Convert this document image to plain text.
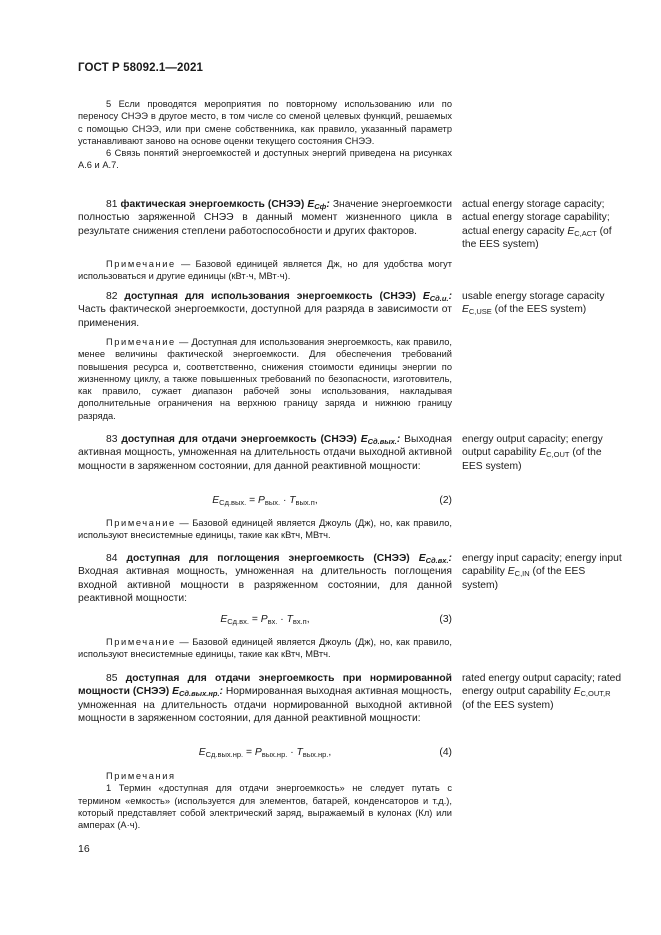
ГОСТ Р 58092.1—2021

5 Если проводятся мероприятия по повторному использованию или по переносу СНЭЭ в другое место, в том числе со сменой целевых функций, решаемых с помощью СНЭЭ, или при смене собственника, как правило, указанный параметр устанавливают заново на основе оценки текущего состояния СНЭЭ.

6 Связь понятий энергоемкостей и доступных энергий приведена на рисунках А.6 и А.7.

81 фактическая энергоемкость (СНЭЭ) $E_{Сф}$: Значение энергоемкости полностью заряженной СНЭЭ в данный момент жизненного цикла в результате снижения степлени работоспособности и других факторов.

Примечание — Базовой единицей является Дж, но для удобства могут использоваться и другие единицы (кВт·ч, МВт·ч).

actual energy storage capacity; actual energy storage capability; actual energy capacity $E_{C,ACT}$ (of the EES system)

82 доступная для использования энергоемкость (СНЭЭ) $E_{Сд.и.}$: Часть фактической энергоемкости, доступной для разряда в зависимости от применения.

Примечание — Доступная для использования энергоемкость, как правило, менее величины фактической энергоемкости. Для обеспечения требований повышения ресурса и, соответственно, снижения стоимости единицы энергии по жизненному циклу, а также повышенных требований по безопасности, изготовитель, как правило, сужает диапазон рабочей зоны использования, накладывая дополнительные ограничения на верхнюю границу заряда и нижнюю границу разряда.

usable energy storage capacity $E_{C,USE}$ (of the EES system)

83 доступная для отдачи энергоемкость (СНЭЭ) $E_{Сд.вых.}$: Выходная активная мощность, умноженная на длительность отдачи выходной активной мощности в заряженном состоянии, для данной реактивной мощности:

$E_{Сд.вых.} = P_{вых.} \cdot T_{вых.п}$,	(2)

Примечание — Базовой единицей является Джоуль (Дж), но, как правило, используют внесистемные единицы, такие как кВтч, МВтч.

energy output capacity; energy output capability $E_{C,OUT}$ (of the EES system)

84 доступная для поглощения энергоемкость (СНЭЭ) $E_{Сд.вх.}$: Входная активная мощность, умноженная на длительность поглощения входной активной мощности в разряженном состоянии, для данной реактивной мощности:

$E_{Сд.вх.} = P_{вх.} \cdot T_{вх.п}$,	(3)

Примечание — Базовой единицей является Джоуль (Дж), но, как правило, используют внесистемные единицы, такие как кВтч, МВтч.

energy input capacity; energy input capability $E_{C,IN}$ (of the EES system)

85 доступная для отдачи энергоемкость при нормированной мощности (СНЭЭ) $E_{Сд.вых.нр.}$: Нормированная выходная активная мощность, умноженная на длительность отдачи нормированной выходной активной мощности в заряженном состоянии, для данной реактивной мощности:

$E_{Сд.вых.нр.} = P_{вых.нр.} \cdot T_{вых.нр.}$,	(4)

Примечания

1 Термин «доступная для отдачи энергоемкость» не следует путать с термином «емкость» (используется для элементов, батарей, конденсаторов и т.д.), который представляет собой электрический заряд, выражаемый в кулонах (Кл) или амперах (А·ч).

rated energy output capacity; rated energy output capability $E_{C,OUT,R}$ (of the EES system)

16
